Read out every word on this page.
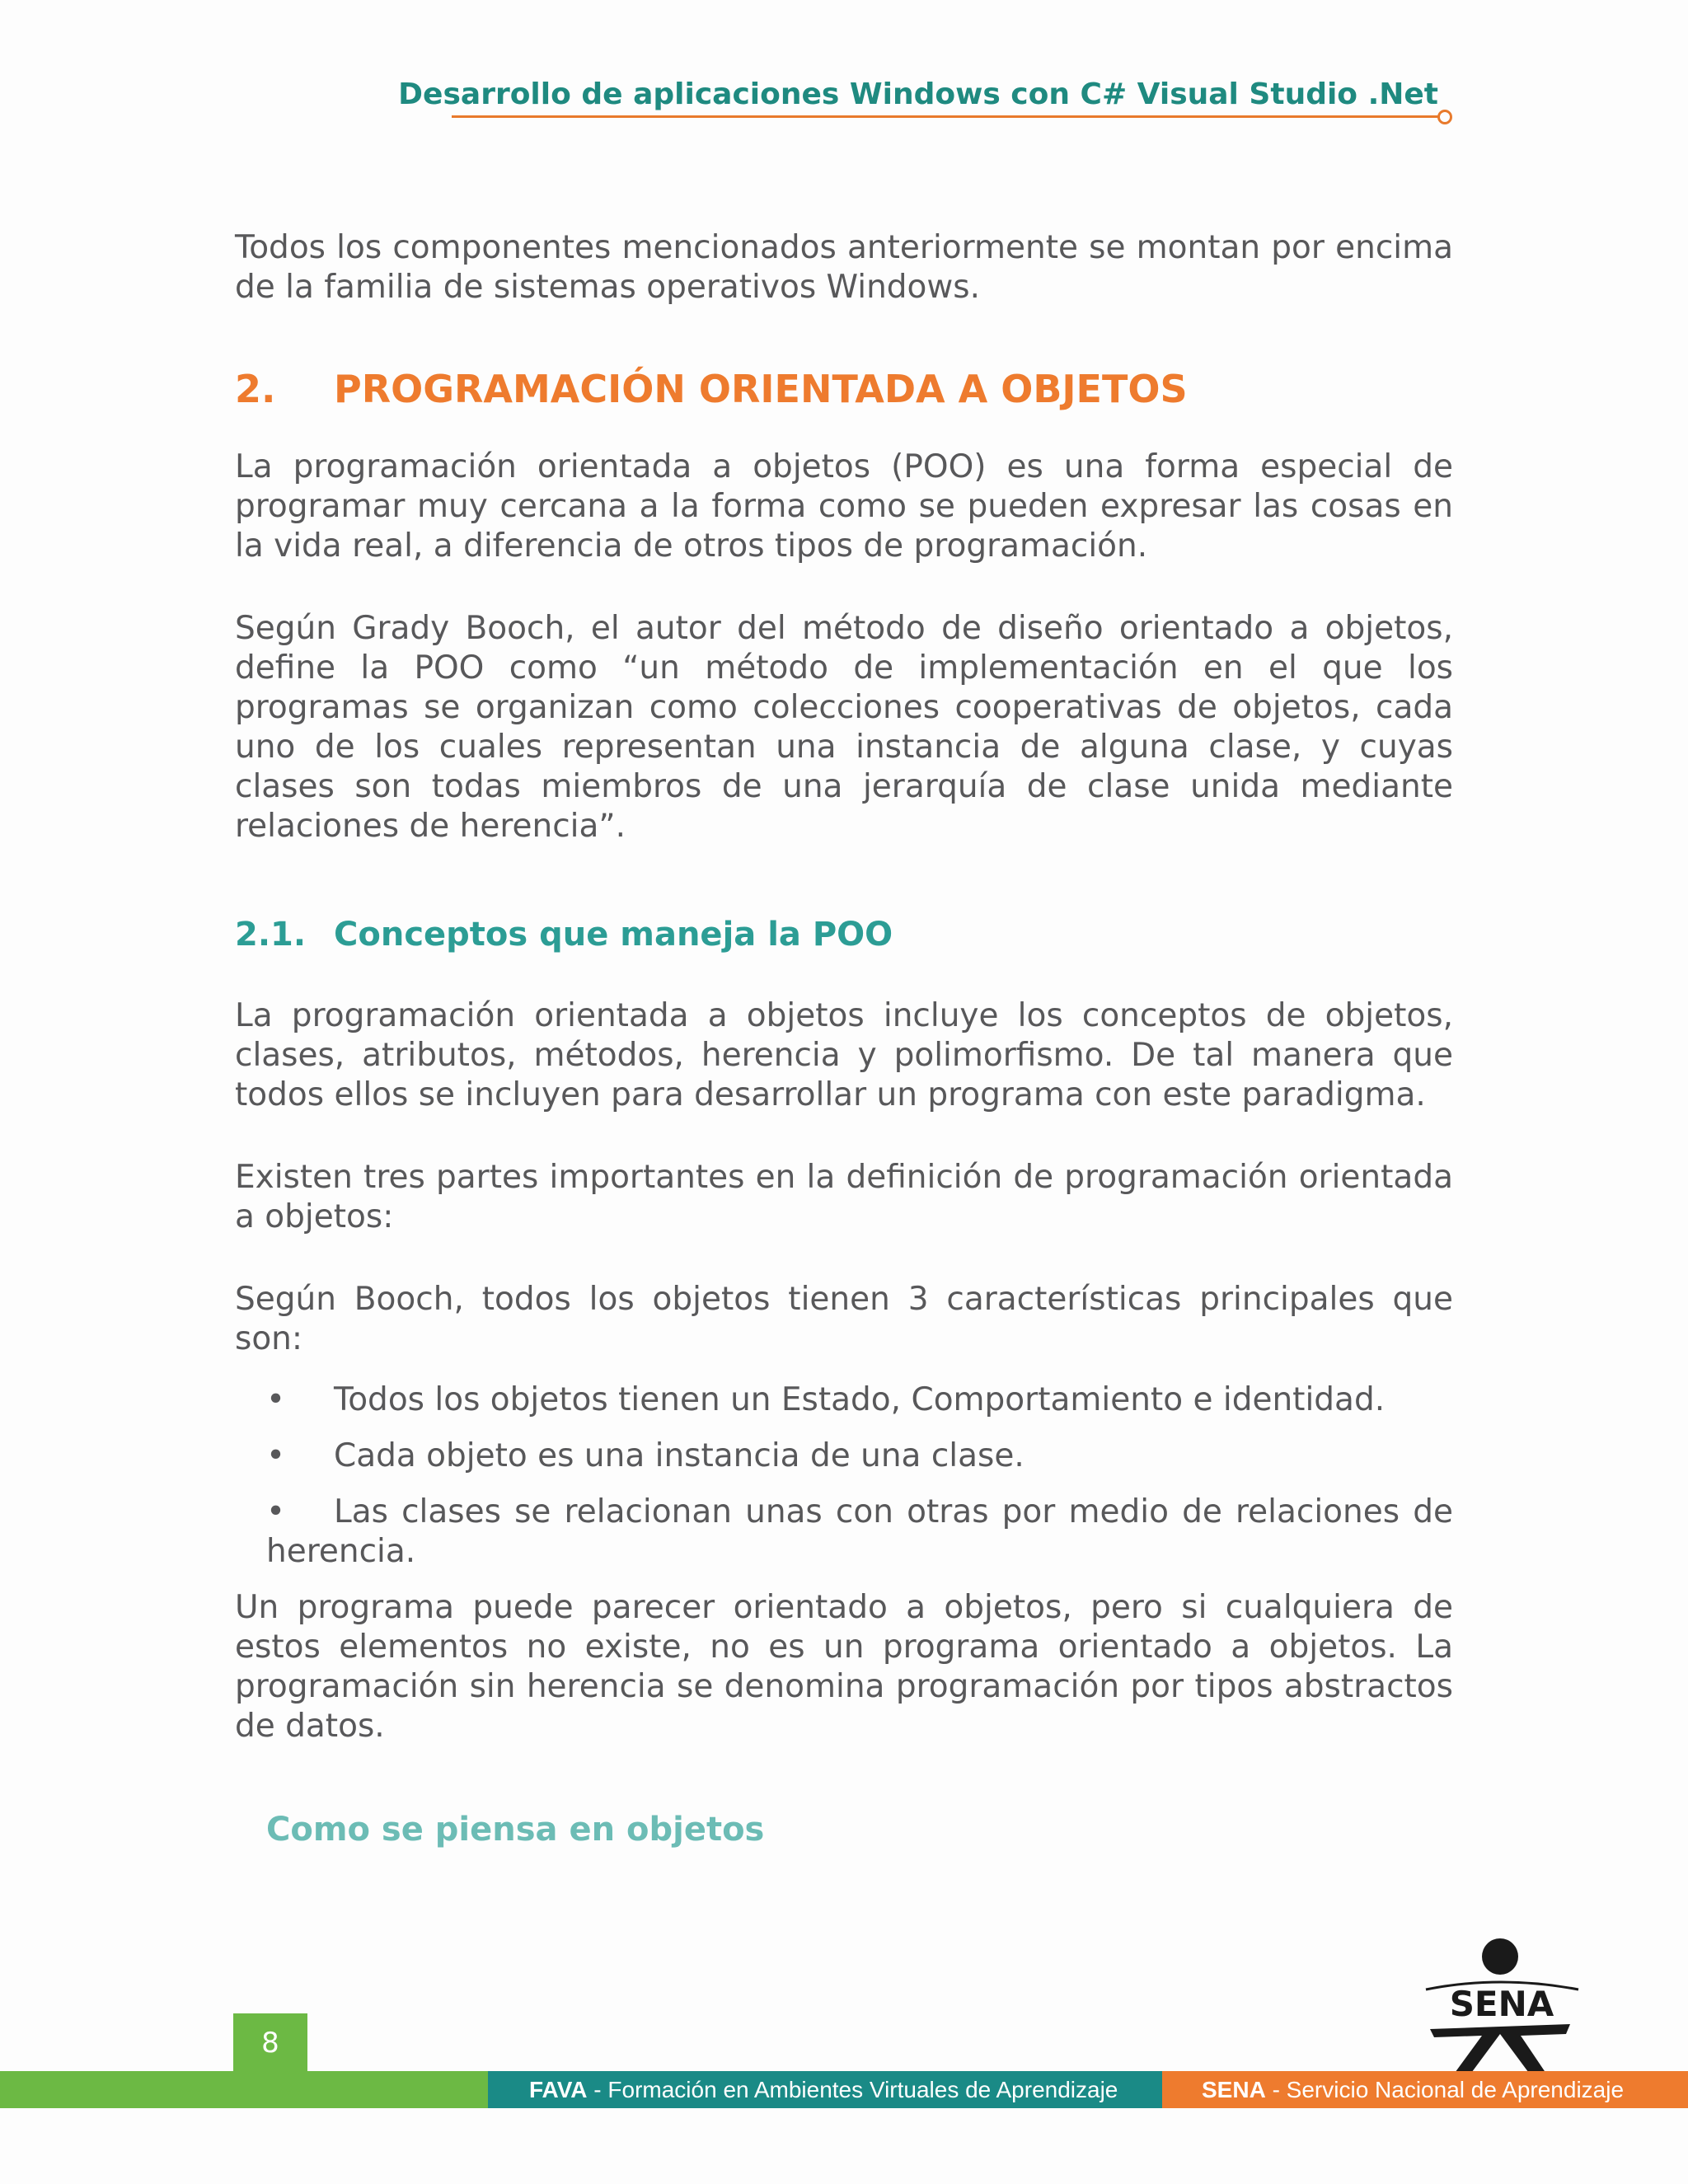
Desarrollo de aplicaciones Windows con C# Visual Studio .Net

Todos los componentes mencionados anteriormente se montan por encima de la familia de sistemas operativos Windows.

2.	PROGRAMACIÓN ORIENTADA A OBJETOS

La programación orientada a objetos (POO) es una forma especial de programar muy cercana a la forma como se pueden expresar las cosas en la vida real, a diferencia de otros tipos de programación.

Según Grady Booch, el autor del método de diseño orientado a objetos, define la POO como “un método de implementación en el que los programas se organizan como colecciones cooperativas de objetos, cada uno de los cuales representan una instancia de alguna clase, y cuyas clases son todas miembros de una jerarquía de clase unida mediante relaciones de herencia”.

2.1. Conceptos que maneja la POO

La programación orientada a objetos incluye los conceptos de objetos, clases, atributos, métodos, herencia y polimorfismo. De tal manera que todos ellos se incluyen para desarrollar un programa con este paradigma.

Existen tres partes importantes en la definición de programación orientada a objetos:

Según Booch, todos los objetos tienen 3 características principales que son:

• Todos los objetos tienen un Estado, Comportamiento e identidad.
• Cada objeto es una instancia de una clase.
• Las clases se relacionan unas con otras por medio de relaciones de herencia.

Un programa puede parecer orientado a objetos, pero si cualquiera de estos elementos no existe, no es un programa orientado a objetos. La programación sin herencia se denomina programación por tipos abstractos de datos.

Como se piensa en objetos
SENA
8
FAVA - Formación en Ambientes Virtuales de Aprendizaje	SENA - Servicio Nacional de Aprendizaje
